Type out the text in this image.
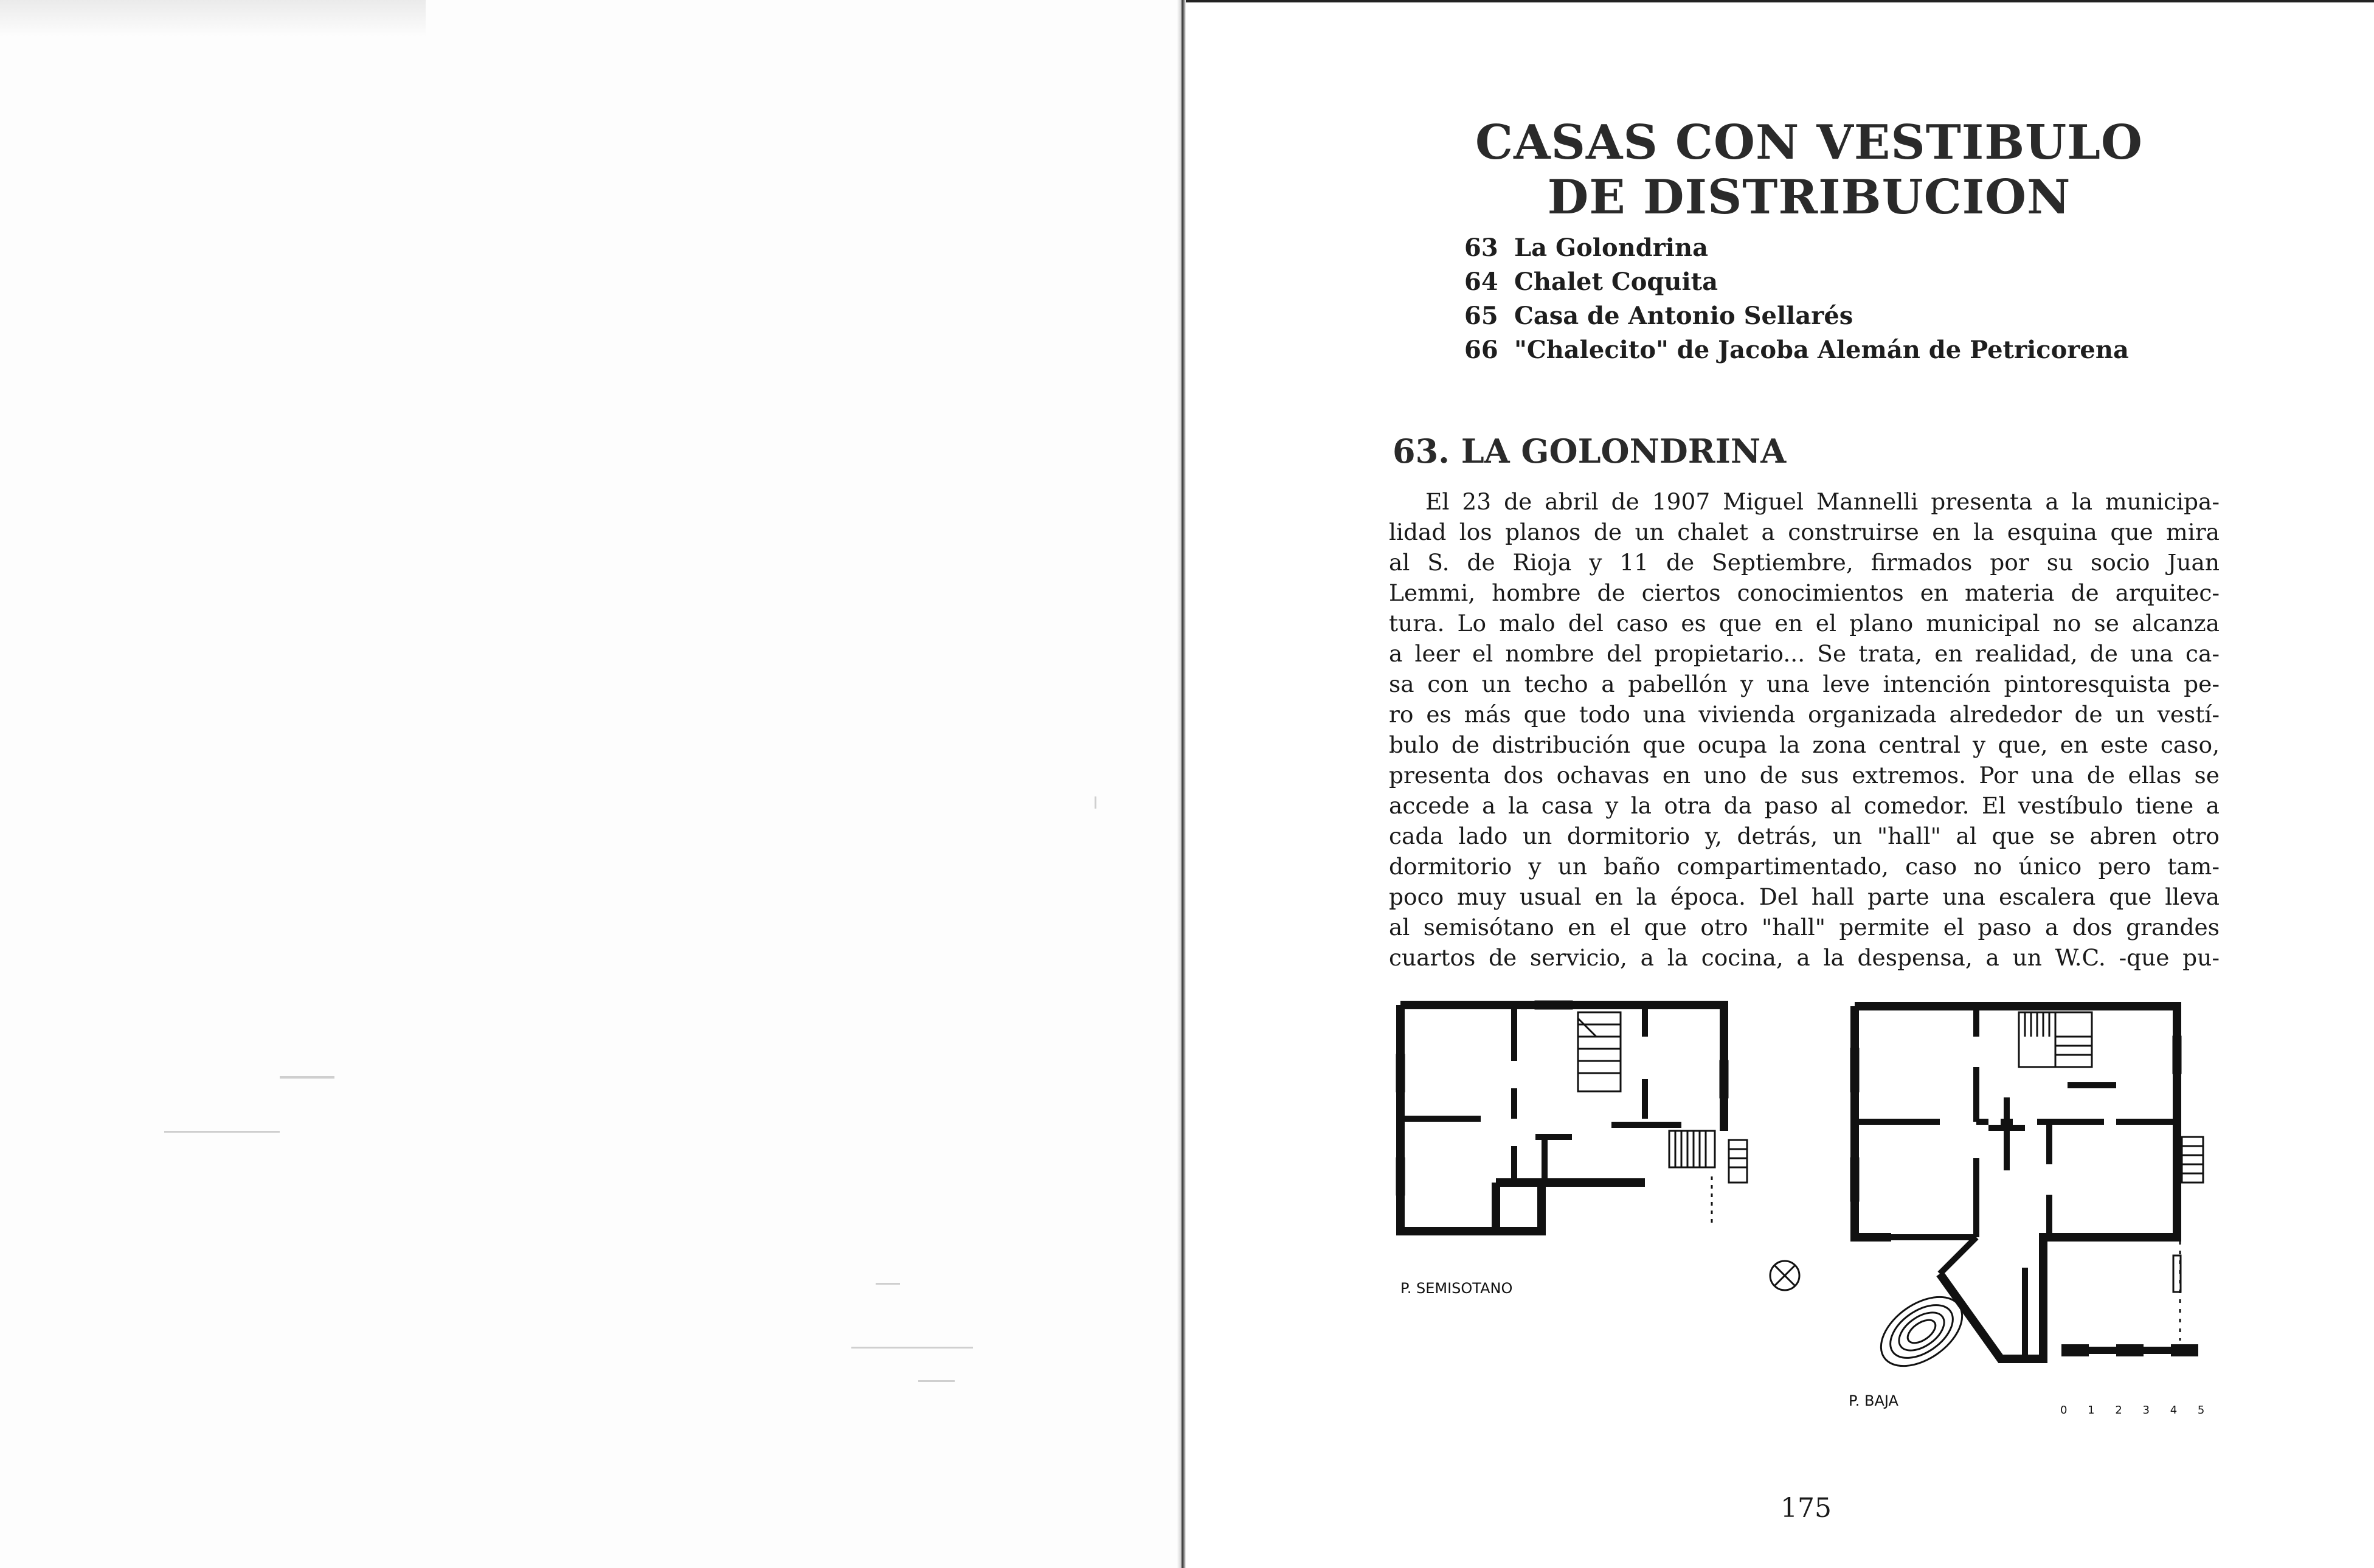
CASAS CON VESTIBULO
DE DISTRIBUCION
63 La Golondrina
64 Chalet Coquita
65 Casa de Antonio Sellarés
66 "Chalecito" de Jacoba Alemán de Petricorena
63. LA GOLONDRINA
El 23 de abril de 1907 Miguel Mannelli presenta a la municipa-
lidad los planos de un chalet a construirse en la esquina que mira
al S. de Rioja y 11 de Septiembre, firmados por su socio Juan
Lemmi, hombre de ciertos conocimientos en materia de arquitec-
tura. Lo malo del caso es que en el plano municipal no se alcanza
a leer el nombre del propietario... Se trata, en realidad, de una ca-
sa con un techo a pabellón y una leve intención pintoresquista pe-
ro es más que todo una vivienda organizada alrededor de un vestí-
bulo de distribución que ocupa la zona central y que, en este caso,
presenta dos ochavas en uno de sus extremos. Por una de ellas se
accede a la casa y la otra da paso al comedor. El vestíbulo tiene a
cada lado un dormitorio y, detrás, un "hall" al que se abren otro
dormitorio y un baño compartimentado, caso no único pero tam-
poco muy usual en la época. Del hall parte una escalera que lleva
al semisótano en el que otro "hall" permite el paso a dos grandes
cuartos de servicio, a la cocina, a la despensa, a un W.C. -que pu-
P. SEMISOTANO
P. BAJA
0 1 2 3 4 5
175
